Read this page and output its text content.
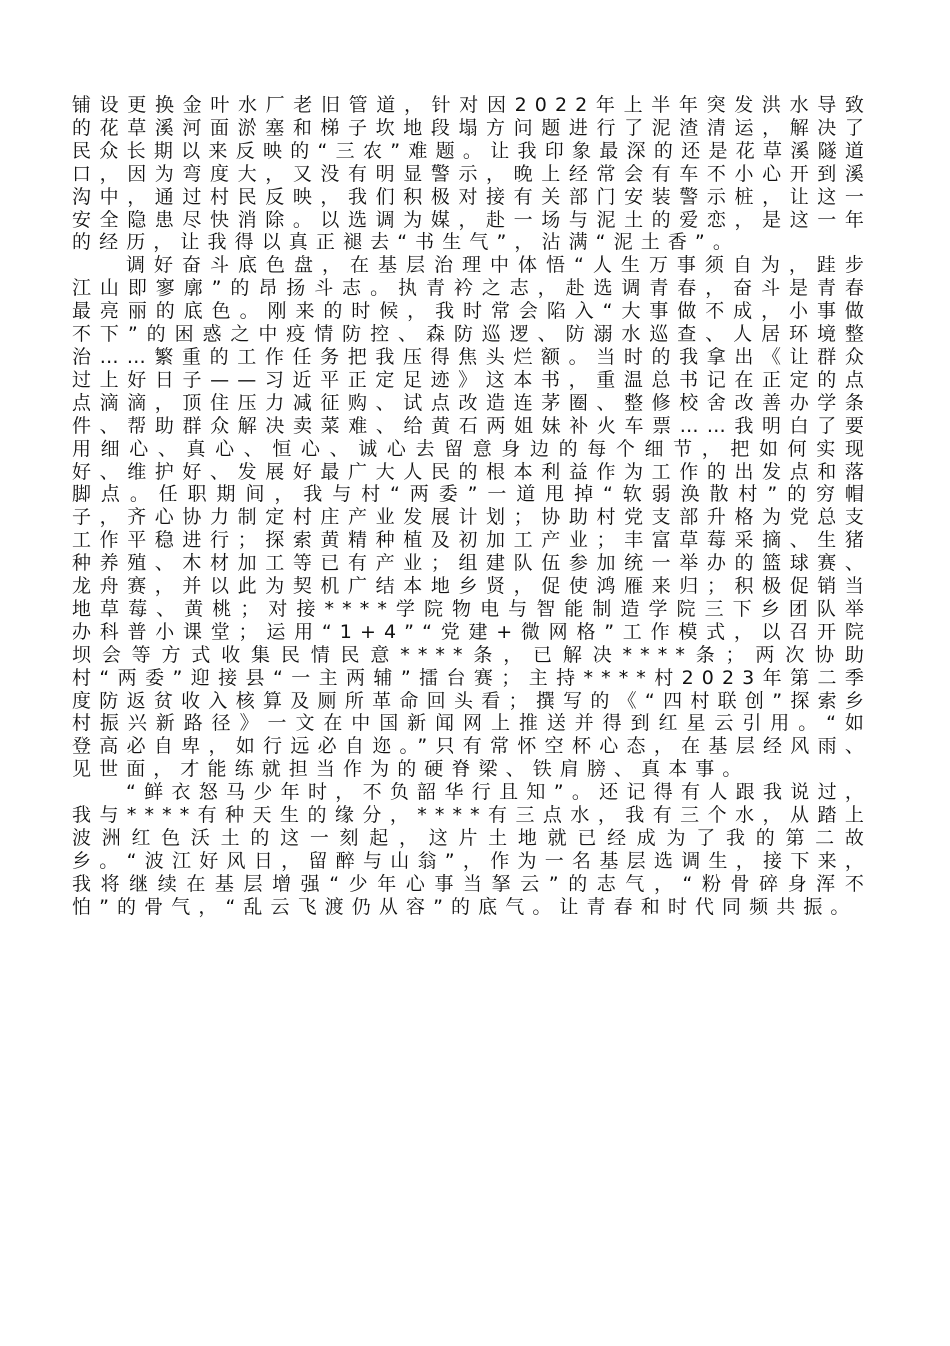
铺设更换金叶水厂老旧管道，针对因2022年上半年突发洪水导致的花草溪河面淤塞和梯子坎地段塌方问题进行了泥渣清运，解决了民众长期以来反映的“三农”难题。让我印象最深的还是花草溪隧道口，因为弯度大，又没有明显警示，晚上经常会有车不小心开到溪沟中，通过村民反映，我们积极对接有关部门安装警示桩，让这一安全隐患尽快消除。以选调为媒，赴一场与泥土的爱恋，是这一年的经历，让我得以真正褪去“书生气”，沾满“泥土香”。

调好奋斗底色盘，在基层治理中体悟“人生万事须自为，跬步江山即寥廓”的昂扬斗志。执青衿之志，赴选调青春，奋斗是青春最亮丽的底色。刚来的时候，我时常会陷入“大事做不成，小事做不下”的困惑之中疫情防控、森防巡逻、防溺水巡查、人居环境整治……繁重的工作任务把我压得焦头烂额。当时的我拿出《让群众过上好日子——习近平正定足迹》这本书，重温总书记在正定的点点滴滴，顶住压力减征购、试点改造连茅圈、整修校舍改善办学条件、帮助群众解决卖菜难、给黄石两姐妹补火车票……我明白了要用细心、真心、恒心、诚心去留意身边的每个细节，把如何实现好、维护好、发展好最广大人民的根本利益作为工作的出发点和落脚点。任职期间，我与村“两委”一道甩掉“软弱涣散村”的穷帽子，齐心协力制定村庄产业发展计划；协助村党支部升格为党总支工作平稳进行；探索黄精种植及初加工产业；丰富草莓采摘、生猪种养殖、木材加工等已有产业；组建队伍参加统一举办的篮球赛、龙舟赛，并以此为契机广结本地乡贤，促使鸿雁来归；积极促销当地草莓、黄桃；对接****学院物电与智能制造学院三下乡团队举办科普小课堂；运用“1+4”“党建+微网格”工作模式，以召开院坝会等方式收集民情民意****条，已解决****条；两次协助村“两委”迎接县“一主两辅”擂台赛；主持****村2023年第二季度防返贫收入核算及厕所革命回头看；撰写的《“四村联创”探索乡村振兴新路径》一文在中国新闻网上推送并得到红星云引用。“如登高必自卑，如行远必自迩。”只有常怀空杯心态，在基层经风雨、见世面，才能练就担当作为的硬脊梁、铁肩膀、真本事。

“鲜衣怒马少年时，不负韶华行且知”。还记得有人跟我说过，我与****有种天生的缘分，****有三点水，我有三个水，从踏上波洲红色沃土的这一刻起，这片土地就已经成为了我的第二故乡。“波江好风日，留醉与山翁”，作为一名基层选调生，接下来，我将继续在基层增强“少年心事当拏云”的志气，“粉骨碎身浑不怕”的骨气，“乱云飞渡仍从容”的底气。让青春和时代同频共振。
